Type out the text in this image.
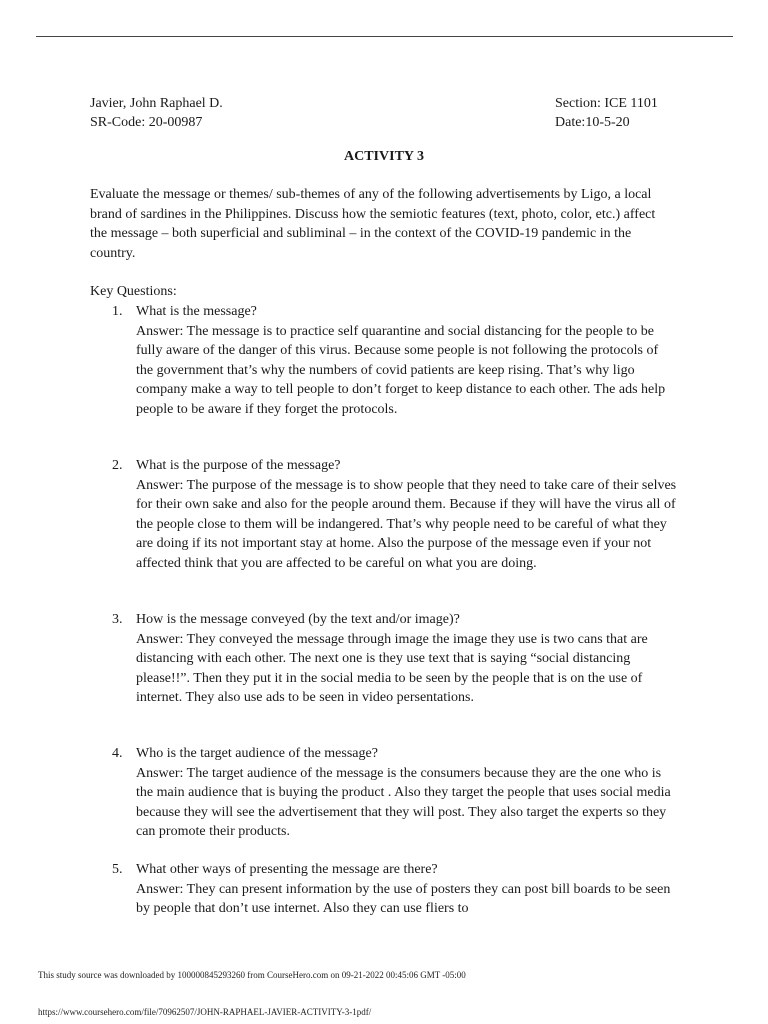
Javier, John Raphael D.
SR-Code: 20-00987
Section: ICE 1101
Date:10-5-20
ACTIVITY 3
Evaluate the message or themes/ sub-themes of any of the following advertisements by Ligo, a local brand of sardines in the Philippines. Discuss how the semiotic features (text, photo, color, etc.) affect the message – both superficial and subliminal – in the context of the COVID-19 pandemic in the country.
Key Questions:
1. What is the message?
Answer: The message is to practice self quarantine and social distancing for the people to be fully aware of the danger of this virus. Because some people is not following the protocols of the government that’s why the numbers of covid patients are keep rising. That’s why ligo company make a way to tell people to don’t forget to keep distance to each other. The ads help people to be aware if they forget the protocols.
2. What is the purpose of the message?
Answer: The purpose of the message is to show people that they need to take care of their selves for their own sake and also for the people around them. Because if they will have the virus all of the people close to them will be indangered. That’s why people need to be careful of what they are doing if its not important stay at home. Also the purpose of the message even if your not affected think that you are affected to be careful on what you are doing.
3. How is the message conveyed (by the text and/or image)?
Answer: They conveyed the message through image the image they use is two cans that are distancing with each other. The next one is they use text that is saying “social distancing please!!”. Then they put it in the social media to be seen by the people that is on the use of internet. They also use ads to be seen in video persentations.
4. Who is the target audience of the message?
Answer: The target audience of the message is the consumers because they are the one who is the main audience that is buying the product . Also they target the people that uses social media because they will see the advertisement that they will post. They also target the experts so they can promote their products.
5. What other ways of presenting the message are there?
Answer: They can present information by the use of posters they can post bill boards to be seen by people that don’t use internet. Also they can use fliers to
This study source was downloaded by 100000845293260 from CourseHero.com on 09-21-2022 00:45:06 GMT -05:00
https://www.coursehero.com/file/70962507/JOHN-RAPHAEL-JAVIER-ACTIVITY-3-1pdf/
